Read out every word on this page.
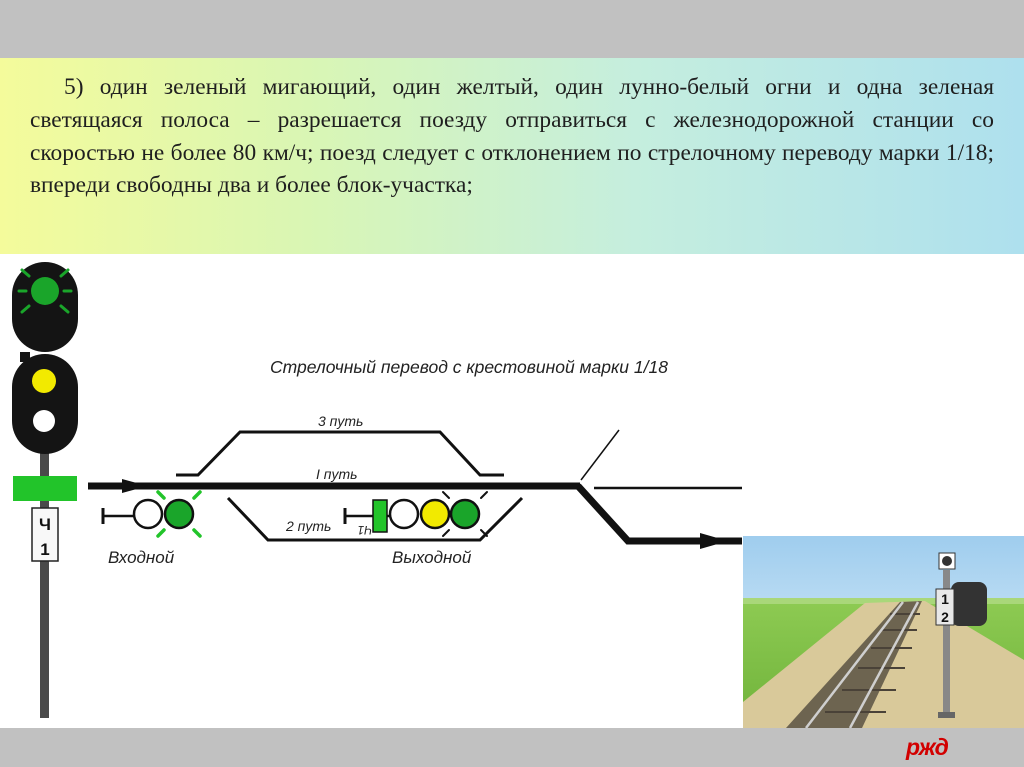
5) один зеленый мигающий, один желтый, один лунно-белый огни и одна зеленая светящаяся полоса – разрешается поезду отправиться с железнодорожной станции со скоростью не более 80 км/ч; поезд следует с отклонением по стрелочному переводу марки 1/18; впереди свободны два и более блок-участка;

Ч
1
Стрелочный перевод с крестовиной марки 1/18
3 путь
I путь
2 путь
Входной
Ч1
Выходной
1
2
ржд
